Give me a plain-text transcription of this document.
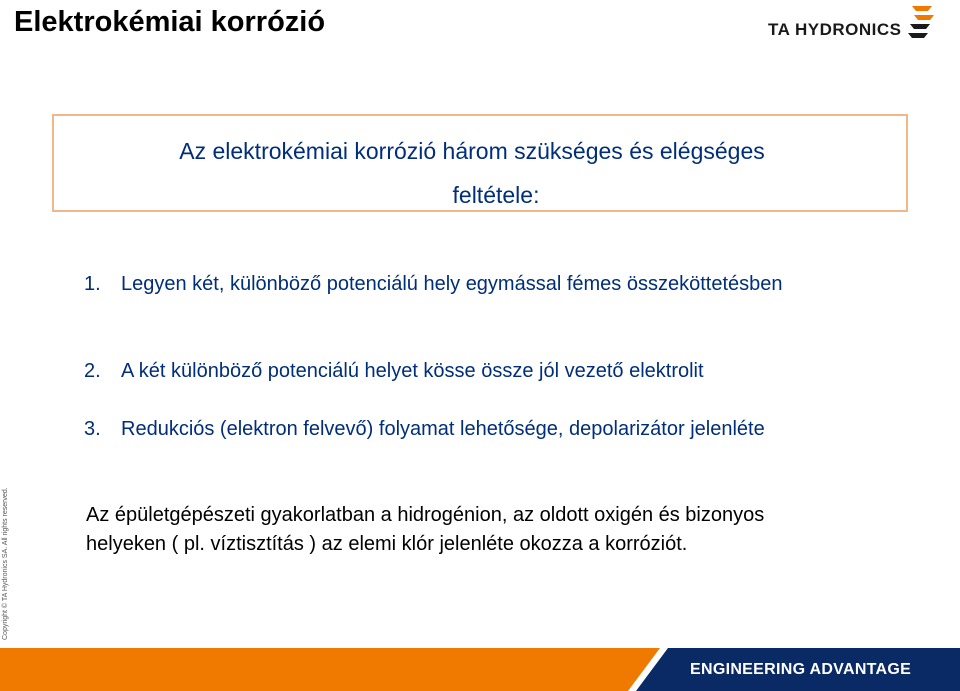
Elektrokémiai korrózió	TA HYDRONICS
Az elektrokémiai korrózió három szükséges és elégséges
feltétele:
1.	Legyen két, különböző potenciálú hely egymással fémes összeköttetésben
2.	A két különböző potenciálú helyet kösse össze jól vezető elektrolit
3.	Redukciós (elektron felvevő) folyamat lehetősége, depolarizátor jelenléte
Az épületgépészeti gyakorlatban a hidrogénion, az oldott oxigén és bizonyos helyeken ( pl. víztisztítás ) az elemi klór jelenléte okozza a korróziót.
Copyright © TA Hydronics SA. All rights reserved.
ENGINEERING ADVANTAGE
